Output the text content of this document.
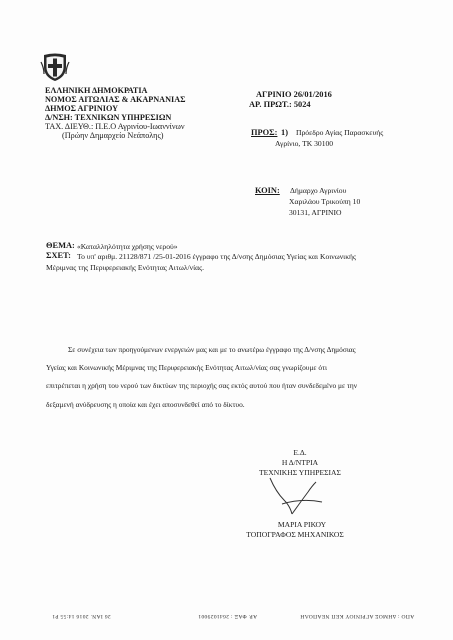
ΕΛΛΗΝΙΚΗ ΔΗΜΟΚΡΑΤΙΑ
ΝΟΜΟΣ ΑΙΤΩΛΙΑΣ & ΑΚΑΡΝΑΝΙΑΣ
ΔΗΜΟΣ ΑΓΡΙΝΙΟΥ
Δ/ΝΣΗ: ΤΕΧΝΙΚΩΝ ΥΠΗΡΕΣΙΩΝ
ΤΑΧ. ΔΙΕΥΘ.: Π.Ε.Ο Αγρινίου-Ιωαννίνων
(Πρώην Δημαρχείο Νεάπολης)
ΑΓΡΙΝΙΟ 26/01/2016
ΑΡ. ΠΡΩΤ.: 5024
ΠΡΟΣ: 1) Πρόεδρο Αγίας Παρασκευής
Αγρίνιο, ΤΚ 30100
ΚΟΙΝ: Δήμαρχο Αγρινίου
Χαριλάου Τρικούπη 10
30131, ΑΓΡΙΝΙΟ
ΘΕΜΑ: «Καταλληλότητα χρήσης νερού»
ΣΧΕΤ: Το υπ' αριθμ. 21128/871 /25-01-2016 έγγραφο της Δ/νσης Δημόσιας Υγείας και Κοινωνικής
Μέριμνας της Περιφερειακής Ενότητας Αιτωλ/νίας.
Σε συνέχεια των προηγούμενων ενεργειών μας και με το ανωτέρω έγγραφο της Δ/νσης Δημόσιας
Υγείας και Κοινωνικής Μέριμνας της Περιφερειακής Ενότητας Αιτωλ/νίας σας γνωρίζουμε ότι
επιτρέπεται η χρήση του νερού των δικτύων της περιοχής σας εκτός αυτού που ήταν συνδεδεμένο με την
δεξαμενή ανύδρευσης η οποία και έχει αποσυνδεθεί από το δίκτυο.
Ε.Δ.
Η Δ/ΝΤΡΙΑ
ΤΕΧΝΙΚΗΣ ΥΠΗΡΕΣΙΑΣ
ΜΑΡΙΑ ΡΙΚΟΥ
ΤΟΠΟΓΡΑΦΟΣ ΜΗΧΑΝΙΚΟΣ
26 ΙΑΝ. 2016 14:55 P1	ΑΡ. ΦΑΞ : 2641029001	ΑΠΟ : ΔΗΜΟΣ ΑΓΡΙΝΙΟΥ ΚΕΠ ΝΕΑΠΟΛΗ
